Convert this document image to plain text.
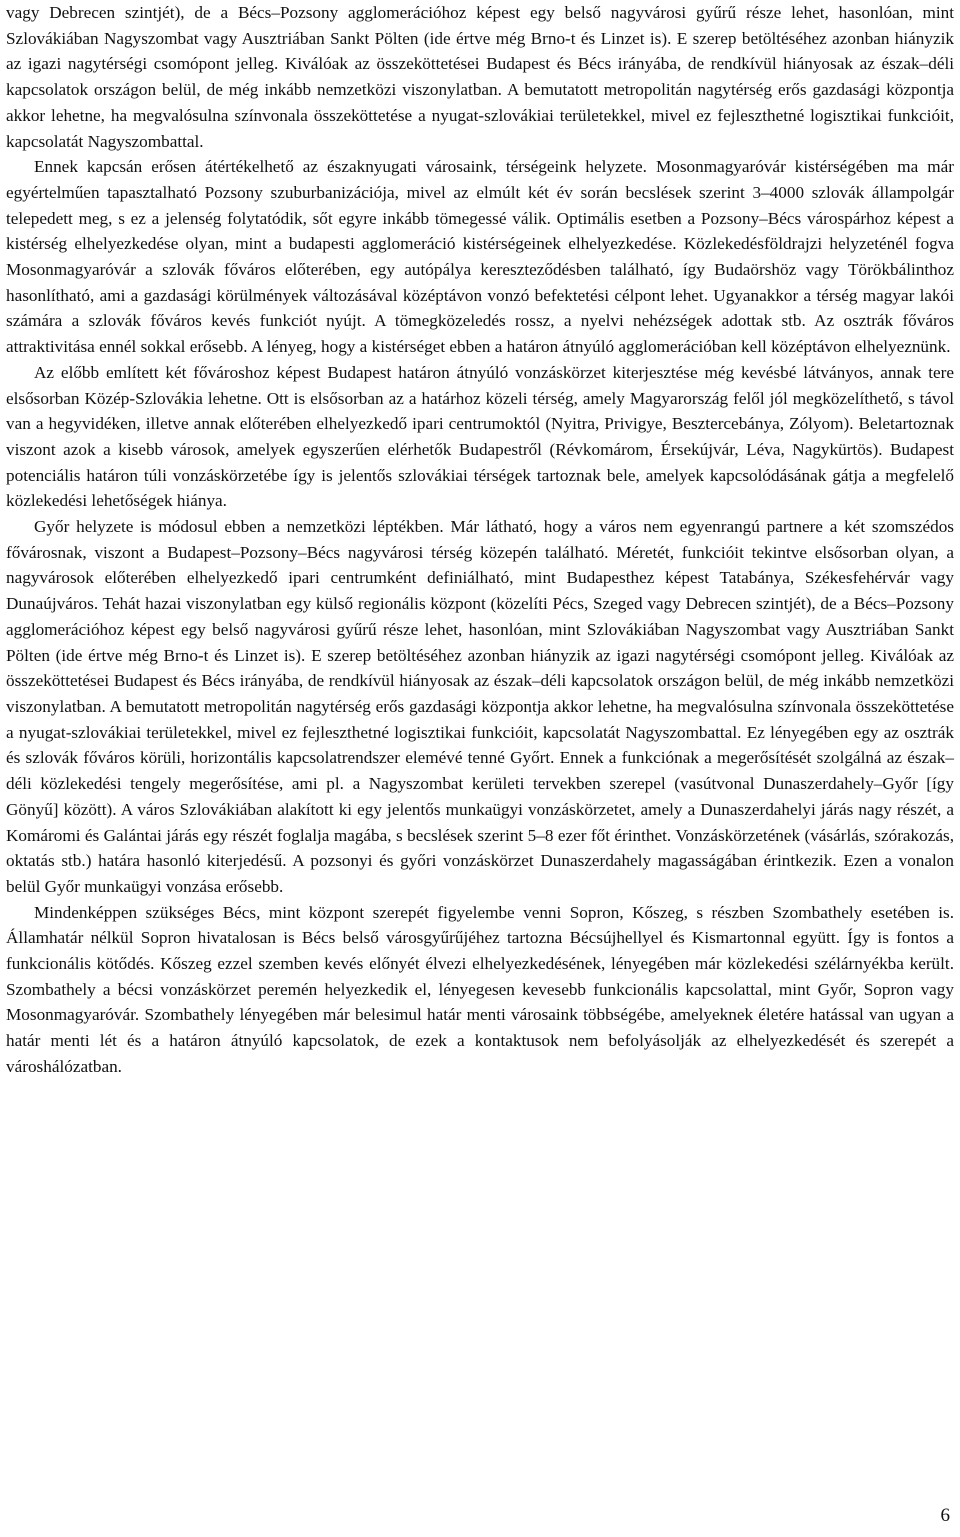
vagy Debrecen szintjét), de a Bécs–Pozsony agglomerációhoz képest egy belső nagyvárosi gyűrű része lehet, hasonlóan, mint Szlovákiában Nagyszombat vagy Ausztriában Sankt Pölten (ide értve még Brno-t és Linzet is). E szerep betöltéséhez azonban hiányzik az igazi nagytérségi csomópont jelleg. Kiválóak az összeköttetései Budapest és Bécs irányába, de rendkívül hiányosak az észak–déli kapcsolatok országon belül, de még inkább nemzetközi viszonylatban. A bemutatott metropolitán nagytérség erős gazdasági központja akkor lehetne, ha megvalósulna színvonala összeköttetése a nyugat-szlovákiai területekkel, mivel ez fejleszthetné logisztikai funkcióit, kapcsolatát Nagyszombattal.

Ennek kapcsán erősen átértékelhető az északnyugati városaink, térségeink helyzete. Mosonmagyaróvár kistérségében ma már egyértelműen tapasztalható Pozsony szuburbanizációja, mivel az elmúlt két év során becslések szerint 3–4000 szlovák állampolgár telepedett meg, s ez a jelenség folytatódik, sőt egyre inkább tömegessé válik. Optimális esetben a Pozsony–Bécs várospárhoz képest a kistérség elhelyezkedése olyan, mint a budapesti agglomeráció kistérségeinek elhelyezkedése. Közlekedésföldrajzi helyzeténél fogva Mosonmagyaróvár a szlovák főváros előterében, egy autópálya kereszteződésben található, így Budaörshöz vagy Törökbálinthoz hasonlítható, ami a gazdasági körülmények változásával középtávon vonzó befektetési célpont lehet. Ugyanakkor a térség magyar lakói számára a szlovák főváros kevés funkciót nyújt. A tömegközeledés rossz, a nyelvi nehézségek adottak stb. Az osztrák főváros attraktivitása ennél sokkal erősebb. A lényeg, hogy a kistérséget ebben a határon átnyúló agglomerációban kell középtávon elhelyeznünk.

Az előbb említett két fővároshoz képest Budapest határon átnyúló vonzáskörzet kiterjesztése még kevésbé látványos, annak tere elsősorban Közép-Szlovákia lehetne. Ott is elsősorban az a határhoz közeli térség, amely Magyarország felől jól megközelíthető, s távol van a hegyvidéken, illetve annak előterében elhelyezkedő ipari centrumoktól (Nyitra, Privigye, Besztercebánya, Zólyom). Beletartoznak viszont azok a kisebb városok, amelyek egyszerűen elérhetők Budapestről (Révkomárom, Érsekújvár, Léva, Nagykürtös). Budapest potenciális határon túli vonzáskörzetébe így is jelentős szlovákiai térségek tartoznak bele, amelyek kapcsolódásának gátja a megfelelő közlekedési lehetőségek hiánya.

Győr helyzete is módosul ebben a nemzetközi léptékben. Már látható, hogy a város nem egyenrangú partnere a két szomszédos fővárosnak, viszont a Budapest–Pozsony–Bécs nagyvárosi térség közepén található. Méretét, funkcióit tekintve elsősorban olyan, a nagyvárosok előterében elhelyezkedő ipari centrumként definiálható, mint Budapesthez képest Tatabánya, Székesfehérvár vagy Dunaújváros. Tehát hazai viszonylatban egy külső regionális központ (közelíti Pécs, Szeged vagy Debrecen szintjét), de a Bécs–Pozsony agglomerációhoz képest egy belső nagyvárosi gyűrű része lehet, hasonlóan, mint Szlovákiában Nagyszombat vagy Ausztriában Sankt Pölten (ide értve még Brno-t és Linzet is). E szerep betöltéséhez azonban hiányzik az igazi nagytérségi csomópont jelleg. Kiválóak az összeköttetései Budapest és Bécs irányába, de rendkívül hiányosak az észak–déli kapcsolatok országon belül, de még inkább nemzetközi viszonylatban. A bemutatott metropolitán nagytérség erős gazdasági központja akkor lehetne, ha megvalósulna színvonala összeköttetése a nyugat-szlovákiai területekkel, mivel ez fejleszthetné logisztikai funkcióit, kapcsolatát Nagyszombattal. Ez lényegében egy az osztrák és szlovák főváros körüli, horizontális kapcsolatrendszer elemévé tenné Győrt. Ennek a funkciónak a megerősítését szolgálná az észak–déli közlekedési tengely megerősítése, ami pl. a Nagyszombat kerületi tervekben szerepel (vasútvonal Dunaszerdahely–Győr [így Gönyű] között). A város Szlovákiában alakított ki egy jelentős munkaügyi vonzáskörzetet, amely a Dunaszerdahelyi járás nagy részét, a Komáromi és Galántai járás egy részét foglalja magába, s becslések szerint 5–8 ezer főt érinthet. Vonzáskörzetének (vásárlás, szórakozás, oktatás stb.) határa hasonló kiterjedésű. A pozsonyi és győri vonzáskörzet Dunaszerdahely magasságában érintkezik. Ezen a vonalon belül Győr munkaügyi vonzása erősebb.

Mindenképpen szükséges Bécs, mint központ szerepét figyelembe venni Sopron, Kőszeg, s részben Szombathely esetében is. Államhatár nélkül Sopron hivatalosan is Bécs belső városgyűrűjéhez tartozna Bécsújhellyel és Kismartonnal együtt. Így is fontos a funkcionális kötődés. Kőszeg ezzel szemben kevés előnyét élvezi elhelyezkedésének, lényegében már közlekedési szélárnyékba került. Szombathely a bécsi vonzáskörzet peremén helyezkedik el, lényegesen kevesebb funkcionális kapcsolattal, mint Győr, Sopron vagy Mosonmagyaróvár. Szombathely lényegében már belesimul határ menti városaink többségébe, amelyeknek életére hatással van ugyan a határ menti lét és a határon átnyúló kapcsolatok, de ezek a kontaktusok nem befolyásolják az elhelyezkedését és szerepét a városhálózatban.

6
